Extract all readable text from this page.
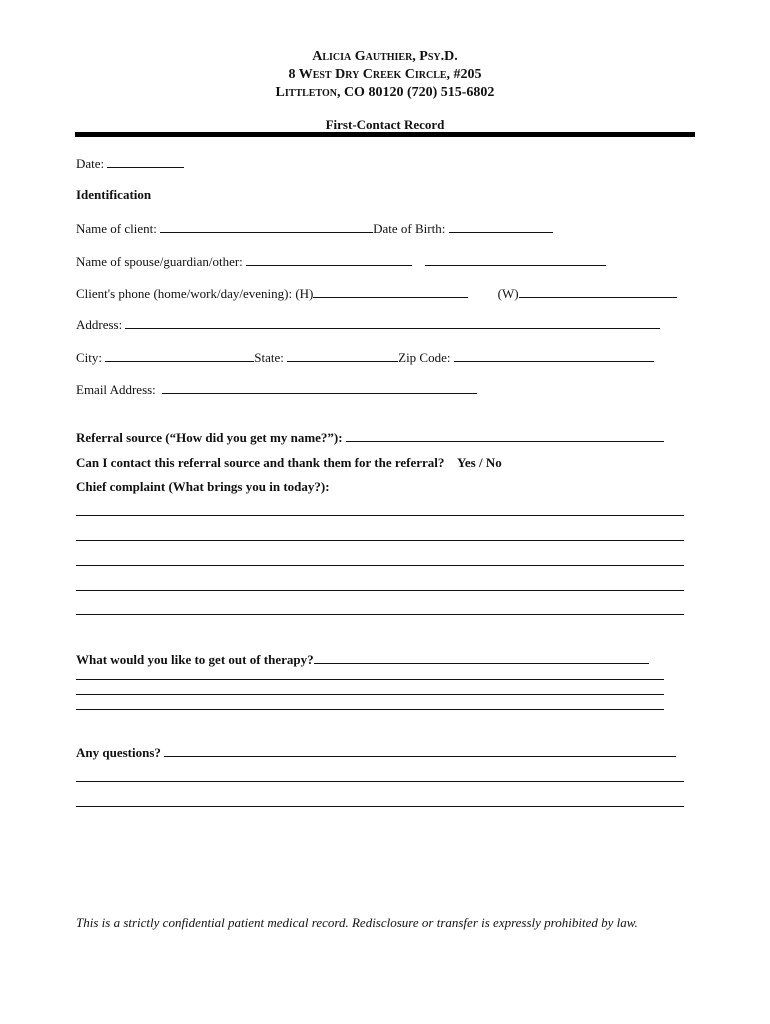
Alicia Gauthier, Psy.D.
8 West Dry Creek Circle, #205
Littleton, CO 80120 (720) 515-6802
First-Contact Record
Date:
Identification
Name of client:	Date of Birth:
Name of spouse/guardian/other:
Client's phone (home/work/day/evening): (H)	(W)
Address:
City:	State:	Zip Code:
Email Address:
Referral source (“How did you get my name?”):
Can I contact this referral source and thank them for the referral? Yes / No
Chief complaint (What brings you in today?):
What would you like to get out of therapy?
Any questions?
This is a strictly confidential patient medical record. Redisclosure or transfer is expressly prohibited by law.
